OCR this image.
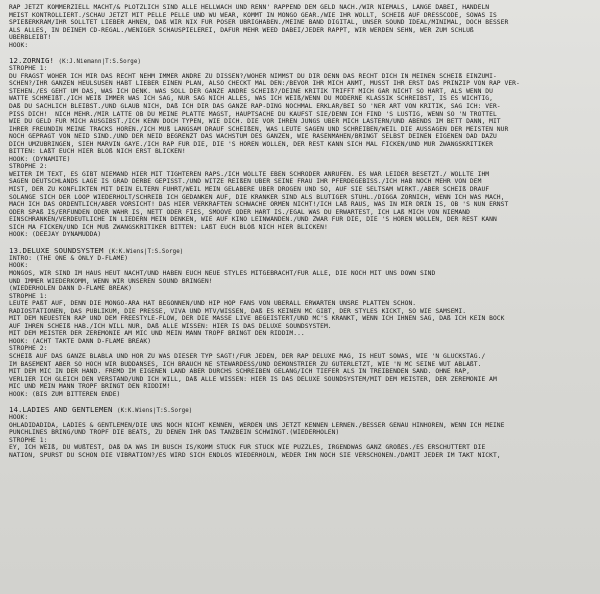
RAP JETZT KOMMERZIELL MACHT/& PLÖTZLICH SIND ALLE HELLWACH UND RENN' RAPPEND DEM GELD NACH./WIR NIEMALS, LANGE DABEI, HANDELN
MEIST KONTROLLIERT./SCHAU JETZT MIT PELLE PELLE UND WU WEAR, KOMMT IN MONGO GEAR./WIE IHR WOLLT, SCHEIß AUF DRESSCODE, SOWAS IS
SPIEßERKRAM/IHR SOLLTET LIEBER AHNEN, DAß WIR NIX FÜR POSER ÜBRIGHABEN./MEINE BAND DIGITAL, UNSER SOUND IDEAL/MINIMAL, DOCH BESSER
ALS ALLES, IN DEINEM CD-REGAL./WENIGER SCHAUSPIELEREI, DAFÜR MEHR WEED DABEI/JEDER RAPPT, WIR WERDEN SEHN, WER ZUM SCHLUß
ÜBERBLEIBT!
HOOK:
12.ZORNIG! (K:J.Niemann|T:S.Sorge)
STROPHE 1:
DU FRAGST WOHER ICH MIR DAS RECHT NEHM IMMER ANDRE ZU DISSEN?/WOHER NIMMST DU DIR DENN DAS RECHT DICH IN MEINEN SCHEIß EINZUMI-
SCHEN?/IHR GANZEN HEULSUSEN HABT LIEBER EINEN PLAN, ALSO CHECKT MAL DEN:/BEVOR IHR MICH ANMT, MUSST IHR ERST DAS PRINZIP VON RAP VER-
STEHEN./ES GEHT UM DAS, WAS ICH DENK. WAS SOLL DER GANZE ANDRE SCHEIß?/DEINE KRITIK TRIFFT MICH GAR NICHT SO HART, ALS WENN DU
WATTE SCHMEIßT./ICH WEIß IMMER WAS ICH SAG, NUR SAG NICH ALLES, WAS ICH WEIß/WENN DU MODERNE KLASSIK SCHREIBST, IS ES WICHTIG,
DAß DU SACHLICH BLEIBST./UND GLAUB NICH, DAß ICH DIR DAS GANZE RAP-DING NOCHMAL ERKLÄR/BEI SO 'NER ART VON KRITIK, SAG ICH: VER-
PISS DICH!  NICH MEHR./MIR LATTE OB DU MEINE PLATTE MAGST, HAUPTSACHE DU KAUFST SIE/DENN ICH FIND 'S LUSTIG, WENN SO 'N TROTTEL
WIE DU GELD FÜR MICH AUSGIBST./ICH KENN DOCH TYPEN, WIE DICH. DIE VOR IHREN JUNGS ÜBER MICH LÄSTERN/UND ABENDS IM BETT DANN, MIT
IHRER FREUNDIN MEINE TRACKS HÖREN./ICH MUß LANGSAM DRAUF SCHEIßEN, WAS LEUTE SAGEN UND SCHREIBEN/WEIL DIE AUSSAGEN DER MEISTEN NUR
NOCH GEPRAGT VON NEID SIND./UND DER NEID BEGRENZT DAS WACHSTUM DES GANZEN, WIE RASENMÄHEN/BRINGT SELBST DEINEN EIGENEN DAD DAZU
DICH UMZUBRINGEN, SIEH MARVIN GAYE./ICH RAP FÜR DIE, DIE 'S HÖREN WOLLEN, DER REST KANN SICH MAL FICKEN/UND MÜR ZWANGSKRITIKER
BITTEN: LAßT EUCH HIER BLOß NICH ERST BLICKEN!
HOOK: (DYNAMITE)
STROPHE 2:
WEITER IM TEXT, ES GIBT NIEMAND HIER MIT TIGHTEREN RAPS./ICH WOLLTE EBEN SCHRÖDER ANRUFEN. ES WAR LEIDER BESETZT./ WOLLTE IHM
SAGEN DEUTSCHLANDS LAGE IS GRAD DERBE GEPISST./UND WITZE REIßEN ÜBER SEINE FRAU IHR PFERDEGEBISS./ICH HAB NOCH MEHR VON DEM
MIST, DER ZU KONFLIKTEN MIT DEIN ELTERN FÜHRT/WEIL MEIN GELABERE ÜBER DROGEN UND SO, AUF SIE SELTSAM WIRKT./ABER SCHEIß DRAUF
SOLANGE SICH DER LOOP WIEDERHOLT/SCHREIB ICH GEDANKEN AUF, DIE KRANKER SIND ALS BLUTIGER STUHL./DIGGA ZORNICH, WENN ICH WAS MACH,
MACH ICH DAS ORDENTLICH/ABER VORSICHT! DAS HIER VERKRAFTEN SCHWACHE ORMEN NICHT!/ICH LAß RAUS, WAS IN MIR DRIN IS, OB 'S NUN ERNST
ODER SPAß IS/ERFUNDEN ODER WAHR IS, NETT ODER FIES, SMOOVE ODER HART IS./EGAL WAS DU ERWARTEST, ICH LAß MICH VON NIEMAND
EINSCHRÄNKEN/VERDEUTLICHE IN LIEDERN MEIN DENKEN, WIE AUF KINO LEINWÄNDEN./UND ZWAR FÜR DIE, DIE 'S HÖREN WOLLEN, DER REST KANN
SICH MA FICKEN/UND ICH MUß ZWANGSKRITIKER BITTEN: LAßT EUCH BLOß NICH HIER BLICKEN!
HOOK: (DEEJAY DYNAMUDDA)
13.DELUXE SOUNDSYSTEM (K:K.Wiens|T:S.Sorge)
INTRO: (THE ONE & ONLY D-FLAME)
HOOK:
MONGOS, WIR SIND IM HAUS HEUT NACHT/UND HABEN EUCH NEUE STYLES MITGEBRACHT/FÜR ALLE, DIE NOCH MIT UNS DOWN SIND
UND IMMER WIEDERKOMM, WENN WIR UNSEREN SOUND BRINGEN!
(WIEDERHOLEN DANN D-FLAME BREAK)
STROPHE 1:
LEUTE PAßT AUF, DENN DIE MONGO-ÄRA HAT BEGONNEN/UND HIP HOP FANS VON ÜBERALL ERWARTEN UNSRE PLATTEN SCHON.
RADIOSTATIONEN, DAS PUBLIKUM, DIE PRESSE, VIVA UND MTV/WISSEN, DAß ES KEINEN MC GIBT, DER STYLES KICKT, SO WIE SAMSEMI.
MIT DEM NEUESTEN RAP UND DEM FREESTYLE-FLOW, DER DIE MASSE LIVE BEGEISTERT/UND MC'S KRANKT, WENN ICH IHNEN SAG, DAß ICH KEIN BOCK
AUF IHREN SCHEIß HAB./ICH WILL NUR, DAß ALLE WISSEN: HIER IS DAS DELUXE SOUNDSYSTEM.
MIT DEM MEISTER DER ZEREMONIE AM MIC UND MEIN MANN TROPF BRINGT DEN RIDDIM...
HOOK: (ACHT TAKTE DANN D-FLAME BREAK)
STROPHE 2:
SCHEIß AUF DAS GANZE BLABLA UND HÖR ZU WAS DIESER TYP SAGT!/FÜR JEDEN, DER RAP DELUXE MAG, IS HEUT SOWAS, WIE 'N GLÜCKSTAG./
IM BASEMENT ABER SO HOCH WIR BUDDANSES, ICH BRAUCH NE STEWARDESS/UND DEMONSTRIER ZU GUTERLETZT, WIE 'N MC SEINE WUT ABLÄßT.
MIT DEM MIC IN DER HAND. FREMD IM EIGENEN LAND ABER DURCHS SCHREIBEN GELANG/ICH TIEFER ALS IN TREIBENDEN SAND. OHNE RAP,
VERLIER ICH GLEICH DEN VERSTAND/UND ICH WILL, DAß ALLE WISSEN: HIER IS DAS DELUXE SOUNDSYSTEM/MIT DEM MEISTER, DER ZEREMONIE AM
MIC UND MEIN MANN TROPF BRINGT DEN RIDDIM!
HOOK: (BIS ZUM BITTEREN ENDE)
14.LADIES AND GENTLEMEN (K:K.Wiens|T:S.Sorge)
HOOK:
OHLADIDADIDA, LADIES & GENTLEMEN/DIE UNS NOCH NICHT KENNEN, WERDEN UNS JETZT KENNEN LERNEN./BESSER GENAU HINHÖREN, WENN ICH MEINE
PUNCHLINES BRING/UND TROPF DIE BEATS, ZU DENEN IHR DAS TANZBEIN SCHWINGT.(WIEDERHOLEN)
STROPHE 1:
EY, ICH WEIß, DU WÜßTEST, DAß DA WAS IM BUSCH IS/KOMM STÜCK FÜR STÜCK WIE PUZZLES, IRGENDWAS GANZ GROßES./ES ERSCHÜTTERT DIE
NATION, SPÜRST DU SCHON DIE VIBRATION?/ES WIRD SICH ENDLOS WIEDERHOLN, WEDER IHN NOCH SIE VERSCHONEN./DAMIT JEDER IM TAKT NICKT,
